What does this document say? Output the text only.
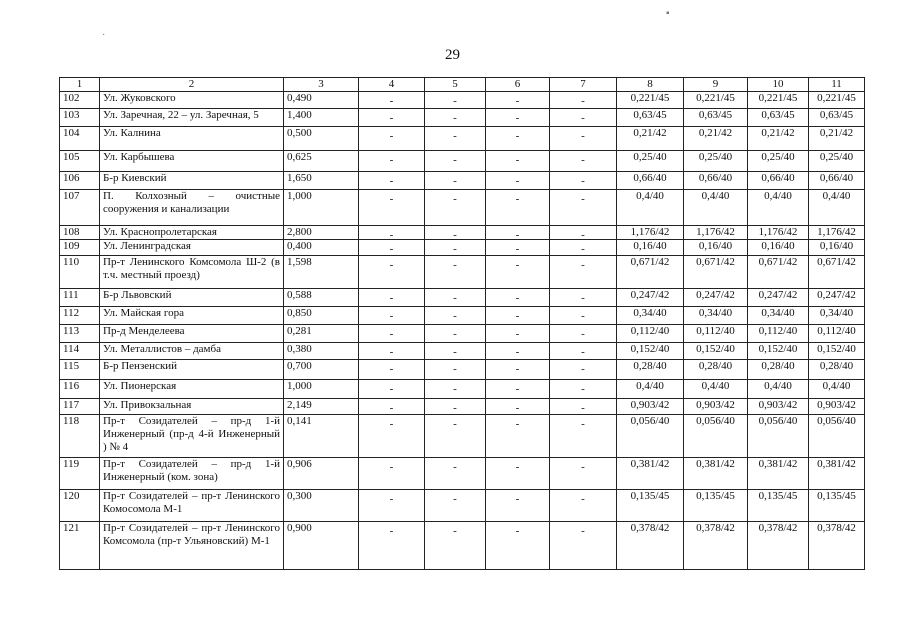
29
▪
·
1	2	3	4	5	6	7	8	9	10	11
102	Ул. Жуковского	0,490	-	-	-	-	0,221/45	0,221/45	0,221/45	0,221/45
103	Ул. Заречная, 22 – ул. Заречная, 5	1,400	-	-	-	-	0,63/45	0,63/45	0,63/45	0,63/45
104	Ул. Калнина	0,500	-	-	-	-	0,21/42	0,21/42	0,21/42	0,21/42
105	Ул. Карбышева	0,625	-	-	-	-	0,25/40	0,25/40	0,25/40	0,25/40
106	Б-р Киевский	1,650	-	-	-	-	0,66/40	0,66/40	0,66/40	0,66/40
107	П. Колхозный – очистные сооружения и канализации	1,000	-	-	-	-	0,4/40	0,4/40	0,4/40	0,4/40
108	Ул. Краснопролетарская	2,800	-	-	-	-	1,176/42	1,176/42	1,176/42	1,176/42
109	Ул. Ленинградская	0,400	-	-	-	-	0,16/40	0,16/40	0,16/40	0,16/40
110	Пр-т Ленинского Комсомола Ш-2 (в т.ч. местный проезд)	1,598	-	-	-	-	0,671/42	0,671/42	0,671/42	0,671/42
111	Б-р Львовский	0,588	-	-	-	-	0,247/42	0,247/42	0,247/42	0,247/42
112	Ул. Майская гора	0,850	-	-	-	-	0,34/40	0,34/40	0,34/40	0,34/40
113	Пр-д Менделеева	0,281	-	-	-	-	0,112/40	0,112/40	0,112/40	0,112/40
114	Ул. Металлистов – дамба	0,380	-	-	-	-	0,152/40	0,152/40	0,152/40	0,152/40
115	Б-р Пензенский	0,700	-	-	-	-	0,28/40	0,28/40	0,28/40	0,28/40
116	Ул. Пионерская	1,000	-	-	-	-	0,4/40	0,4/40	0,4/40	0,4/40
117	Ул. Привокзальная	2,149	-	-	-	-	0,903/42	0,903/42	0,903/42	0,903/42
118	Пр-т Созидателей – пр-д 1-й Инженерный (пр-д 4-й Инженерный ) № 4	0,141	-	-	-	-	0,056/40	0,056/40	0,056/40	0,056/40
119	Пр-т Созидателей – пр-д 1-й Инженерный (ком. зона)	0,906	-	-	-	-	0,381/42	0,381/42	0,381/42	0,381/42
120	Пр-т Созидателей – пр-т Ленинского Комосомола М-1	0,300	-	-	-	-	0,135/45	0,135/45	0,135/45	0,135/45
121	Пр-т Созидателей – пр-т Ленинского Комсомола (пр-т Ульяновский) М-1	0,900	-	-	-	-	0,378/42	0,378/42	0,378/42	0,378/42
